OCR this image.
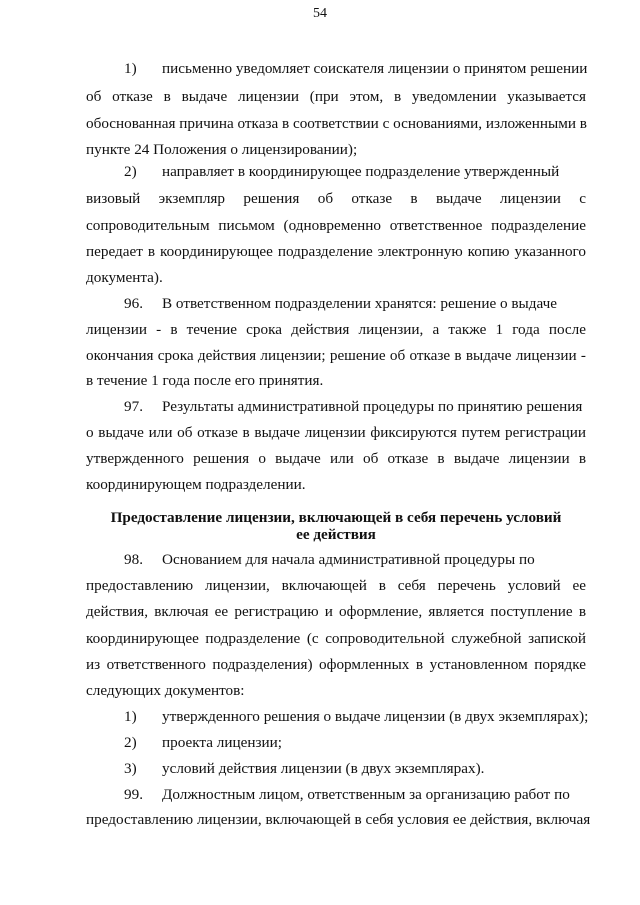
54
1) письменно уведомляет соискателя лицензии о принятом решении
об отказе в выдаче лицензии (при этом, в уведомлении указывается
обоснованная причина отказа в соответствии с основаниями, изложенными в
пункте 24 Положения о лицензировании);
2) направляет в координирующее подразделение утвержденный
визовый экземпляр решения об отказе в выдаче лицензии с
сопроводительным письмом (одновременно ответственное подразделение
передает в координирующее подразделение электронную копию указанного
документа).
96. В ответственном подразделении хранятся: решение о выдаче
лицензии - в течение срока действия лицензии, а также 1 года после
окончания срока действия лицензии; решение об отказе в выдаче лицензии -
в течение 1 года после его принятия.
97. Результаты административной процедуры по принятию решения
о выдаче или об отказе в выдаче лицензии фиксируются путем регистрации
утвержденного решения о выдаче или об отказе в выдаче лицензии в
координирующем подразделении.
Предоставление лицензии, включающей в себя перечень условий
ее действия
98. Основанием для начала административной процедуры по
предоставлению лицензии, включающей в себя перечень условий ее
действия, включая ее регистрацию и оформление, является поступление в
координирующее подразделение (с сопроводительной служебной запиской
из ответственного подразделения) оформленных в установленном порядке
следующих документов:
1) утвержденного решения о выдаче лицензии (в двух экземплярах);
2) проекта лицензии;
3) условий действия лицензии (в двух экземплярах).
99. Должностным лицом, ответственным за организацию работ по
предоставлению лицензии, включающей в себя условия ее действия, включая
